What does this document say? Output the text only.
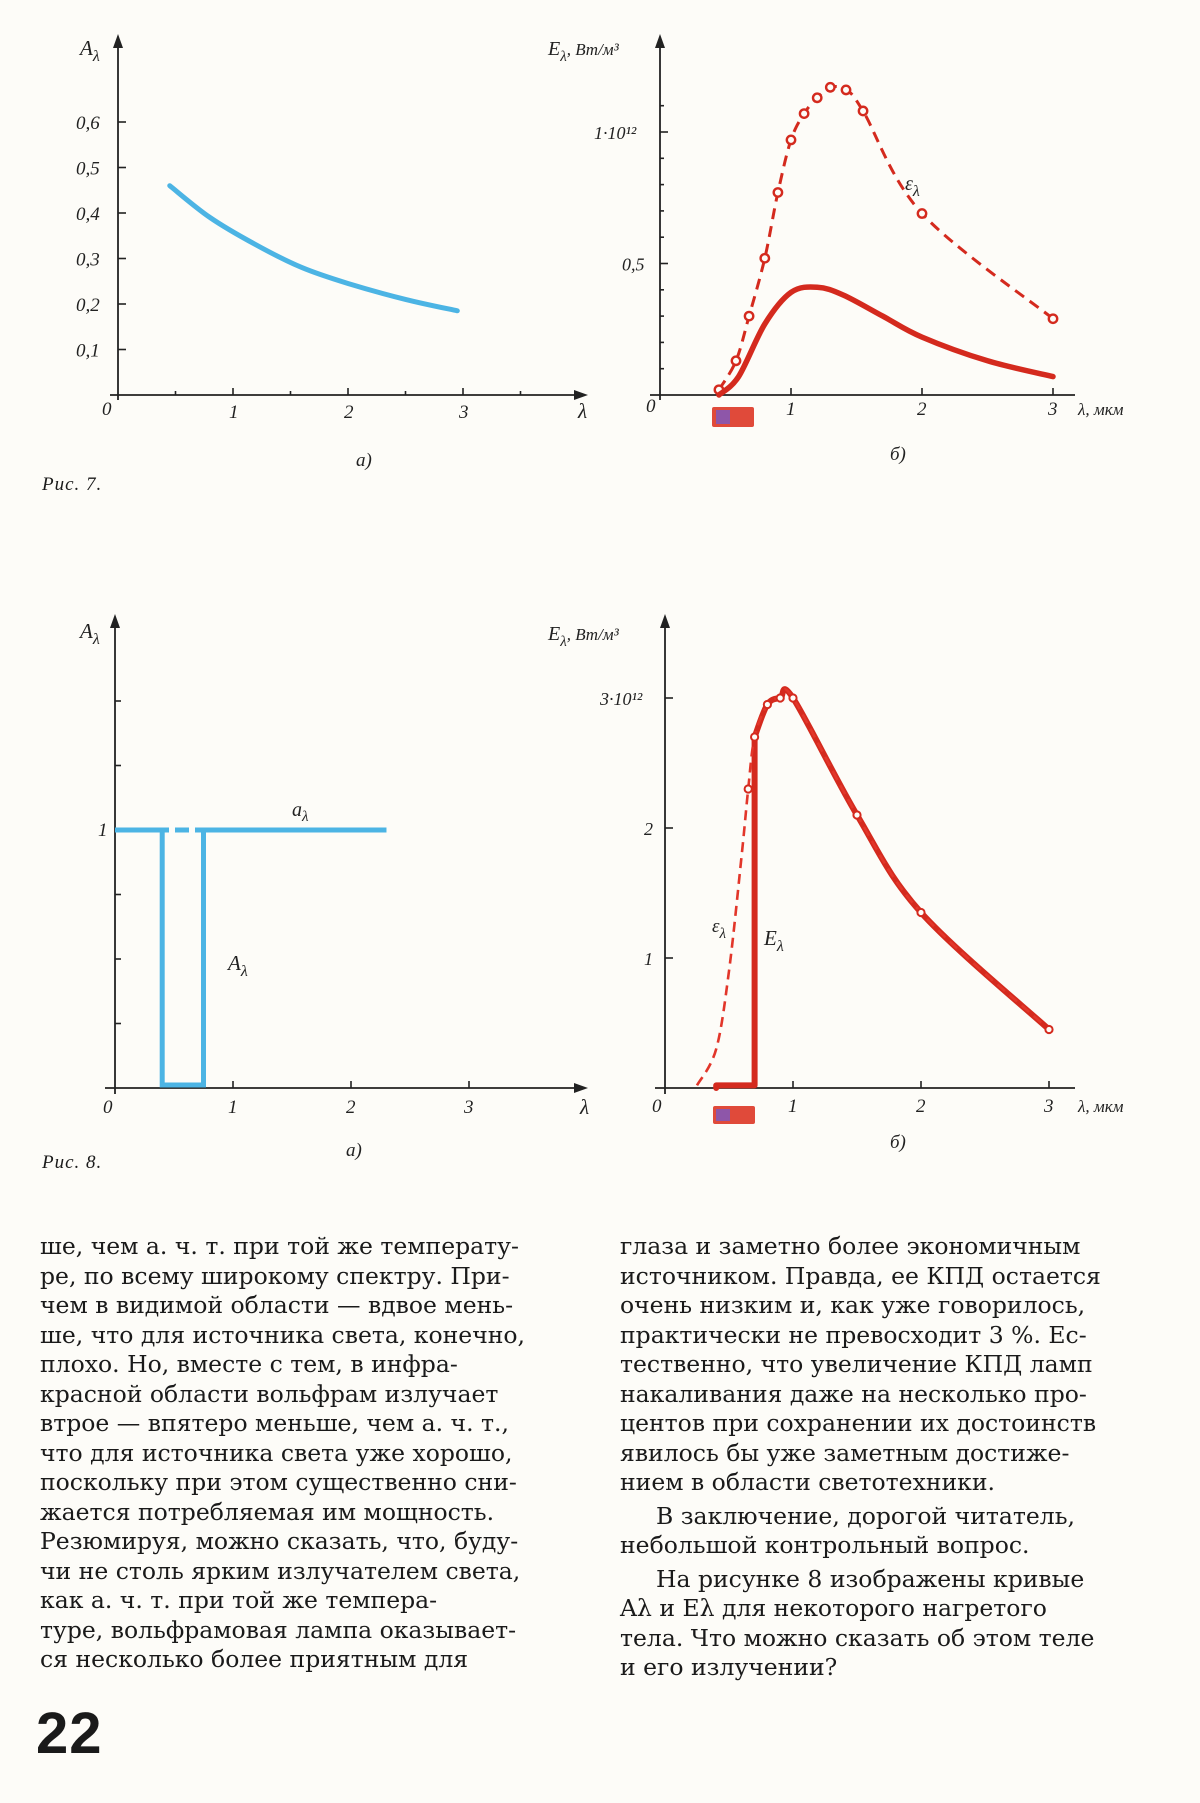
$A_\lambda$
0	λ
а)
1	2	3
0,6
0,5
0,4
0,3
0,2
0,1
$E_\lambda^{, Вт/м^3}$
0	λ, мкм
б)
$\varepsilon_\lambda$
1	2	3
1·10¹²
0,5
Рис. 7.
$A_\lambda$
0	λ
а)
$a_\lambda$
$A_\lambda$
1	2	3
1
$E_\lambda^{, Вт/м^3}$
0	λ, мкм
б)
$\varepsilon_\lambda$ $E_\lambda$
1	2	3
3·10¹²
2
1
Рис. 8.

ше, чем а. ч. т. при той же температу-
ре, по всему широкому спектру. При-
чем в видимой области — вдвое мень-
ше, что для источника света, конечно,
плохо. Но, вместе с тем, в инфра-
красной области вольфрам излучает
втрое — впятеро меньше, чем а. ч. т.,
что для источника света уже хорошо,
поскольку при этом существенно сни-
жается потребляемая им мощность.
Резюмируя, можно сказать, что, буду-
чи не столь ярким излучателем света,
как а. ч. т. при той же темпера-
туре, вольфрамовая лампа оказывает-
ся несколько более приятным для

глаза и заметно более экономичным
источником. Правда, ее КПД остается
очень низким и, как уже говорилось,
практически не превосходит 3 %. Ес-
тественно, что увеличение КПД ламп
накаливания даже на несколько про-
центов при сохранении их достоинств
явилось бы уже заметным достиже-
нием в области светотехники.

В заключение, дорогой читатель,
небольшой контрольный вопрос.

На рисунке 8 изображены кривые
Aλ и Eλ для некоторого нагретого
тела. Что можно сказать об этом теле
и его излучении?

22
